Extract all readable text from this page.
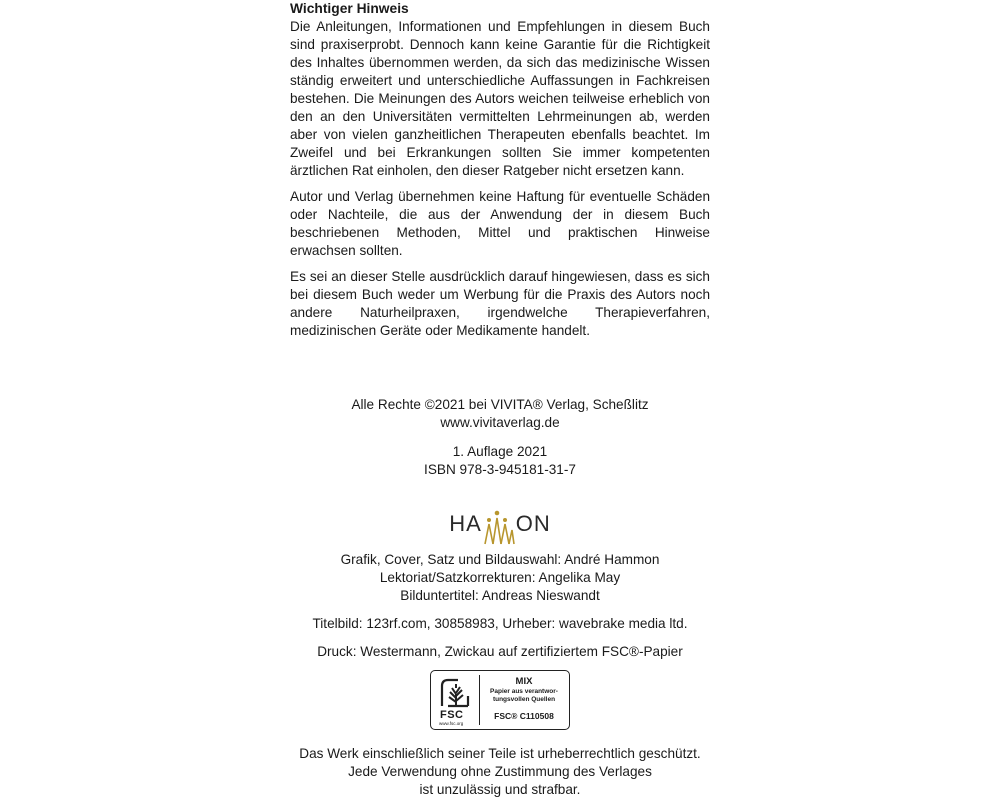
Wichtiger Hinweis

Die Anleitungen, Informationen und Empfehlungen in diesem Buch sind praxiserprobt. Dennoch kann keine Garantie für die Richtigkeit des Inhaltes übernommen werden, da sich das medizinische Wissen ständig erweitert und unterschiedliche Auffassungen in Fachkreisen bestehen. Die Meinungen des Autors weichen teilweise erheblich von den an den Universitäten vermittelten Lehrmeinungen ab, werden aber von vielen ganzheitlichen Therapeuten ebenfalls beachtet. Im Zweifel und bei Erkrankungen sollten Sie immer kompetenten ärztlichen Rat einholen, den dieser Ratgeber nicht ersetzen kann.

Autor und Verlag übernehmen keine Haftung für eventuelle Schäden oder Nachteile, die aus der Anwendung der in diesem Buch beschriebenen Methoden, Mittel und praktischen Hinweise erwachsen sollten.

Es sei an dieser Stelle ausdrücklich darauf hingewiesen, dass es sich bei diesem Buch weder um Werbung für die Praxis des Autors noch andere Naturheilpraxen, irgendwelche Therapieverfahren, medizinischen Geräte oder Medikamente handelt.

Alle Rechte ©2021 bei VIVITA® Verlag, Scheßlitz

www.vivitaverlag.de

1. Auflage 2021

ISBN 978-3-945181-31-7

HA ON

Grafik, Cover, Satz und Bildauswahl: André Hammon

Lektoriat/Satzkorrekturen: Angelika May

Bilduntertitel: Andreas Nieswandt

Titelbild: 123rf.com, 30858983, Urheber: wavebrake media ltd.

Druck: Westermann, Zwickau auf zertifiziertem FSC®-Papier

FSC
www.fsc.org
MIX
Papier aus verantwor-
tungsvollen Quellen
FSC® C110508

Das Werk einschließlich seiner Teile ist urheberrechtlich geschützt.

Jede Verwendung ohne Zustimmung des Verlages

ist unzulässig und strafbar.
